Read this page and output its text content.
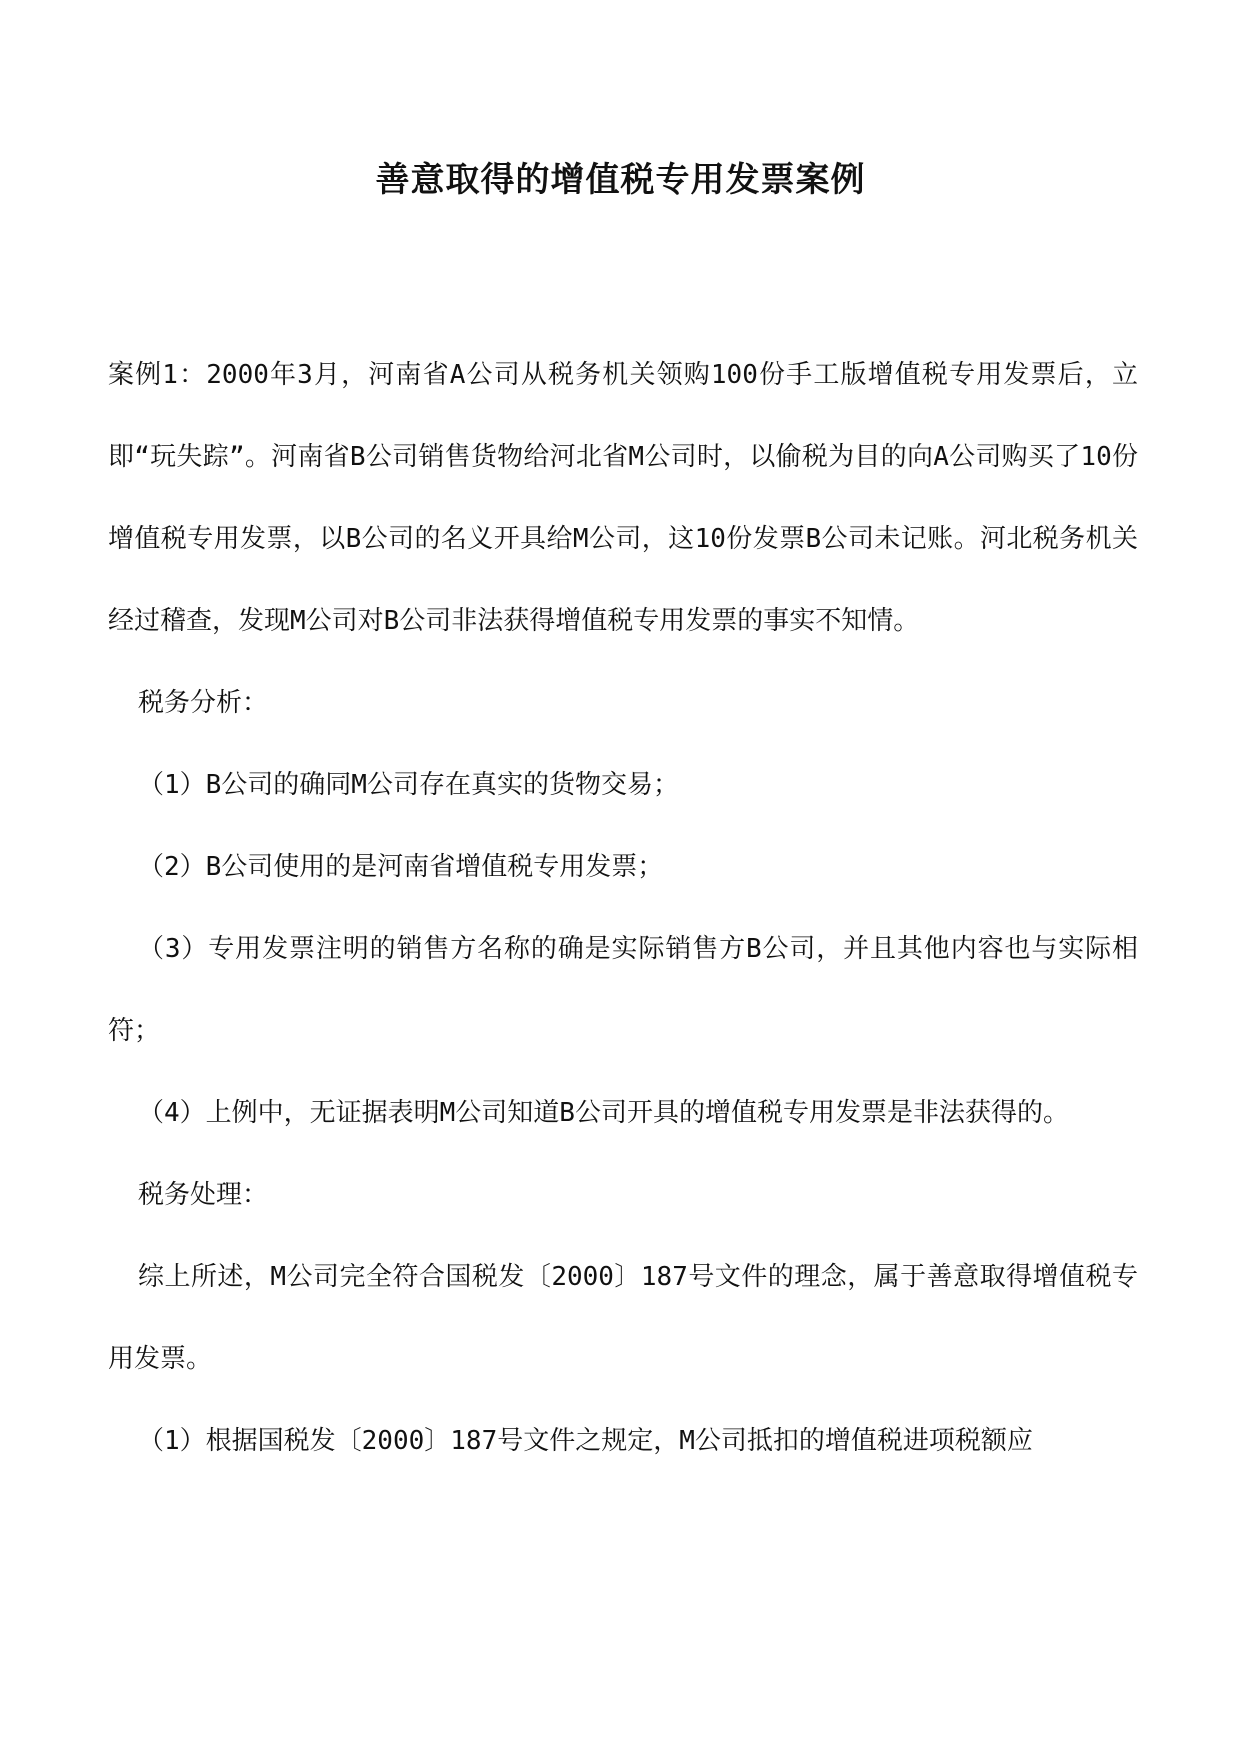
善意取得的增值税专用发票案例

案例1：2000年3月，河南省A公司从税务机关领购100份手工版增值税专用发票后，立即“玩失踪”。河南省B公司销售货物给河北省M公司时，以偷税为目的向A公司购买了10份增值税专用发票，以B公司的名义开具给M公司，这10份发票B公司未记账。河北税务机关经过稽查，发现M公司对B公司非法获得增值税专用发票的事实不知情。

税务分析：

（1）B公司的确同M公司存在真实的货物交易；

（2）B公司使用的是河南省增值税专用发票；

（3）专用发票注明的销售方名称的确是实际销售方B公司，并且其他内容也与实际相符；

（4）上例中，无证据表明M公司知道B公司开具的增值税专用发票是非法获得的。

税务处理：

综上所述，M公司完全符合国税发〔2000〕187号文件的理念，属于善意取得增值税专用发票。

（1）根据国税发〔2000〕187号文件之规定，M公司抵扣的增值税进项税额应
